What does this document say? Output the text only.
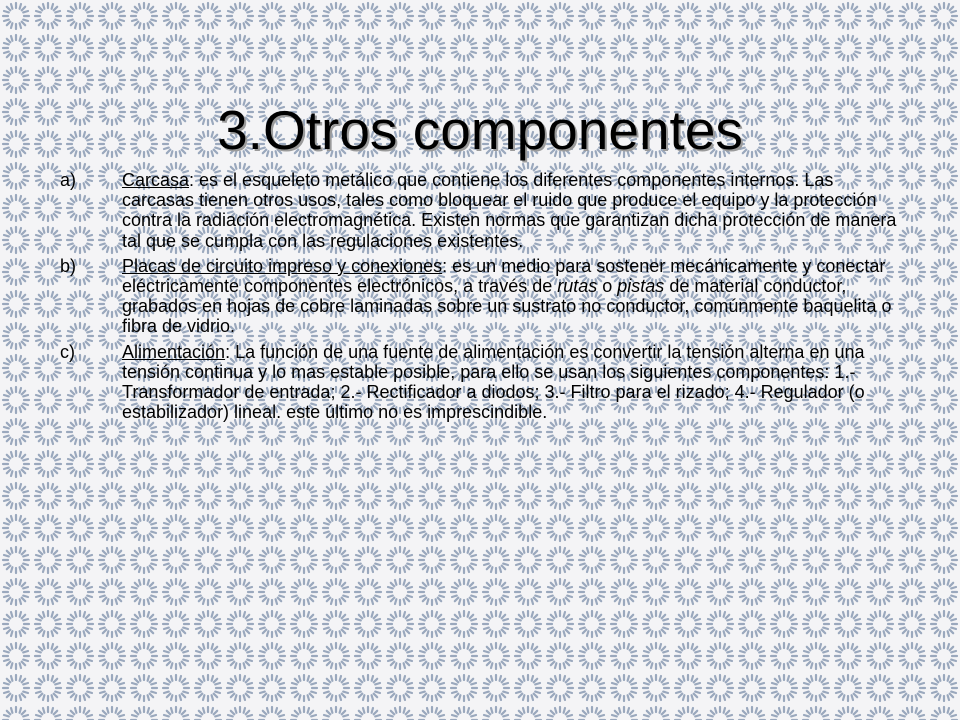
3.Otros componentes
a)	Carcasa: es el esqueleto metálico que contiene los diferentes componentes internos. Las carcasas tienen otros usos, tales como bloquear el ruido que produce el equipo y la protección contra la radiación electromagnética. Existen normas que garantizan dicha protección de manera tal que se cumpla con las regulaciones existentes.
b)	Placas de circuito impreso y conexiones: es un medio para sostener mecánicamente y conectar eléctricamente componentes electrónicos, a través de rutas o pistas de material conductor, grabados en hojas de cobre laminadas sobre un sustrato no conductor, comúnmente baquelita o fibra de vidrio.
c)	Alimentación: La función de una fuente de alimentación es convertir la tensión alterna en una tensión continua y lo mas estable posible, para ello se usan los siguientes componentes: 1.- Transformador de entrada; 2.- Rectificador a diodos; 3.- Filtro para el rizado; 4.- Regulador (o estabilizador) lineal. este último no es imprescindible.
